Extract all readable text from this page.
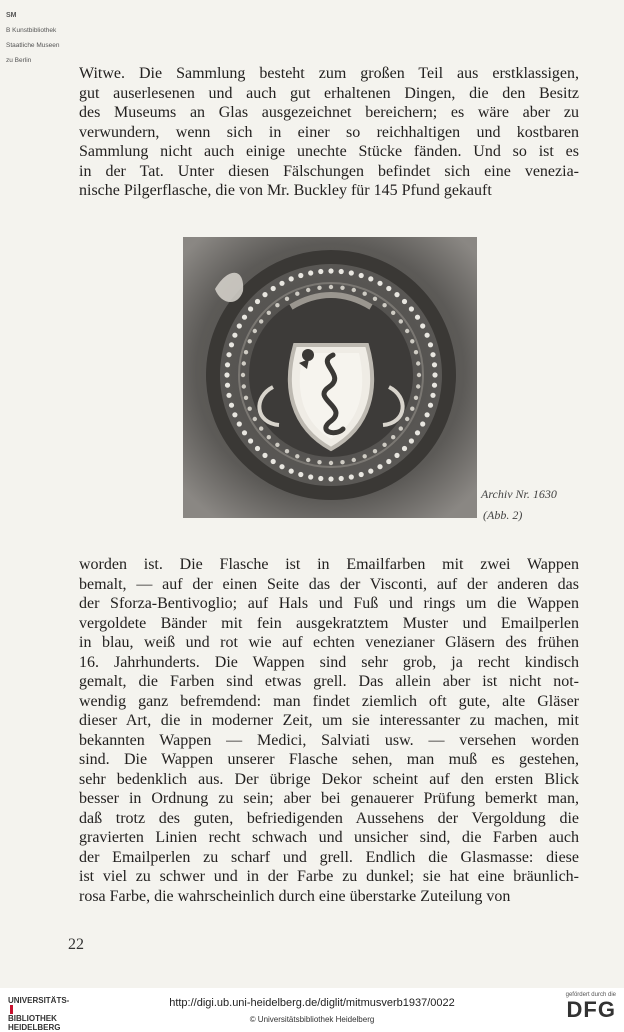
SM

B Kunstbibliothek

Staatliche Museen

zu Berlin

Witwe. Die Sammlung besteht zum großen Teil aus erstklassigen,
gut auserlesenen und auch gut erhaltenen Dingen, die den Besitz
des Museums an Glas ausgezeichnet bereichern; es wäre aber zu
verwundern, wenn sich in einer so reichhaltigen und kostbaren
Sammlung nicht auch einige unechte Stücke fänden. Und so ist es
in der Tat. Unter diesen Fälschungen befindet sich eine venezia-
nische Pilgerflasche, die von Mr. Buckley für 145 Pfund gekauft
Archiv Nr. 1630
(Abb. 2)
worden ist. Die Flasche ist in Emailfarben mit zwei Wappen
bemalt, — auf der einen Seite das der Visconti, auf der anderen das
der Sforza-Bentivoglio; auf Hals und Fuß und rings um die Wappen
vergoldete Bänder mit fein ausgekratztem Muster und Emailperlen
in blau, weiß und rot wie auf echten venezianer Gläsern des frühen
16. Jahrhunderts. Die Wappen sind sehr grob, ja recht kindisch
gemalt, die Farben sind etwas grell. Das allein aber ist nicht not-
wendig ganz befremdend: man findet ziemlich oft gute, alte Gläser
dieser Art, die in moderner Zeit, um sie interessanter zu machen, mit
bekannten Wappen — Medici, Salviati usw. — versehen worden
sind. Die Wappen unserer Flasche sehen, man muß es gestehen,
sehr bedenklich aus. Der übrige Dekor scheint auf den ersten Blick
besser in Ordnung zu sein; aber bei genauerer Prüfung bemerkt man,
daß trotz des guten, befriedigenden Aussehens der Vergoldung die
gravierten Linien recht schwach und unsicher sind, die Farben auch
der Emailperlen zu scharf und grell. Endlich die Glasmasse: diese
ist viel zu schwer und in der Farbe zu dunkel; sie hat eine bräunlich-
rosa Farbe, die wahrscheinlich durch eine überstarke Zuteilung von
22
UNIVERSITÄTS-
BIBLIOTHEK
HEIDELBERG
http://digi.ub.uni-heidelberg.de/diglit/mitmusverb1937/0022
© Universitätsbibliothek Heidelberg
gefördert durch die
DFG
